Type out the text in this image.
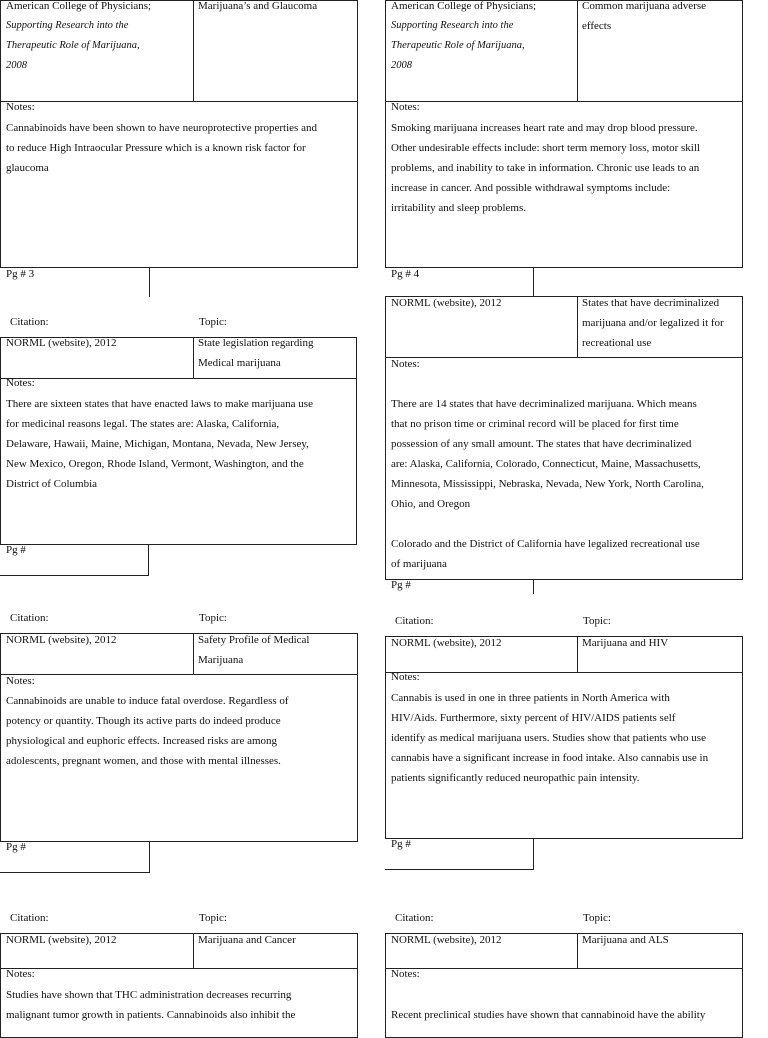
American College of Physicians;
Supporting Research into the
Therapeutic Role of Marijuana,
2008
Marijuana’s and Glaucoma
Notes:
Cannabinoids have been shown to have neuroprotective properties and
to reduce High Intraocular Pressure which is a known risk factor for
glaucoma
Pg # 3
American College of Physicians;
Supporting Research into the
Therapeutic Role of Marijuana,
2008
Common marijuana adverse
effects
Notes:
Smoking marijuana increases heart rate and may drop blood pressure.
Other undesirable effects include: short term memory loss, motor skill
problems, and inability to take in information. Chronic use leads to an
increase in cancer. And possible withdrawal symptoms include:
irritability and sleep problems.
Pg # 4
Citation:	Topic:
NORML (website), 2012	State legislation regarding
Medical marijuana
Notes:
There are sixteen states that have enacted laws to make marijuana use
for medicinal reasons legal. The states are: Alaska, California,
Delaware, Hawaii, Maine, Michigan, Montana, Nevada, New Jersey,
New Mexico, Oregon, Rhode Island, Vermont, Washington, and the
District of Columbia
Pg #
NORML (website), 2012	States that have decriminalized
marijuana and/or legalized it for
recreational use
Notes:
There are 14 states that have decriminalized marijuana. Which means
that no prison time or criminal record will be placed for first time
possession of any small amount. The states that have decriminalized
are: Alaska, California, Colorado, Connecticut, Maine, Massachusetts,
Minnesota, Mississippi, Nebraska, Nevada, New York, North Carolina,
Ohio, and Oregon
Colorado and the District of California have legalized recreational use
of marijuana
Pg #
Citation:	Topic:
NORML (website), 2012	Safety Profile of Medical
Marijuana
Notes:
Cannabinoids are unable to induce fatal overdose. Regardless of
potency or quantity. Though its active parts do indeed produce
physiological and euphoric effects. Increased risks are among
adolescents, pregnant women, and those with mental illnesses.
Pg #
Citation:	Topic:
NORML (website), 2012	Marijuana and HIV
Notes:
Cannabis is used in one in three patients in North America with
HIV/Aids. Furthermore, sixty percent of HIV/AIDS patients self
identify as medical marijuana users. Studies show that patients who use
cannabis have a significant increase in food intake. Also cannabis use in
patients significantly reduced neuropathic pain intensity.
Pg #
Citation:	Topic:
NORML (website), 2012	Marijuana and Cancer
Notes:
Studies have shown that THC administration decreases recurring
malignant tumor growth in patients. Cannabinoids also inhibit the
Citation:	Topic:
NORML (website), 2012	Marijuana and ALS
Notes:
Recent preclinical studies have shown that cannabinoid have the ability
